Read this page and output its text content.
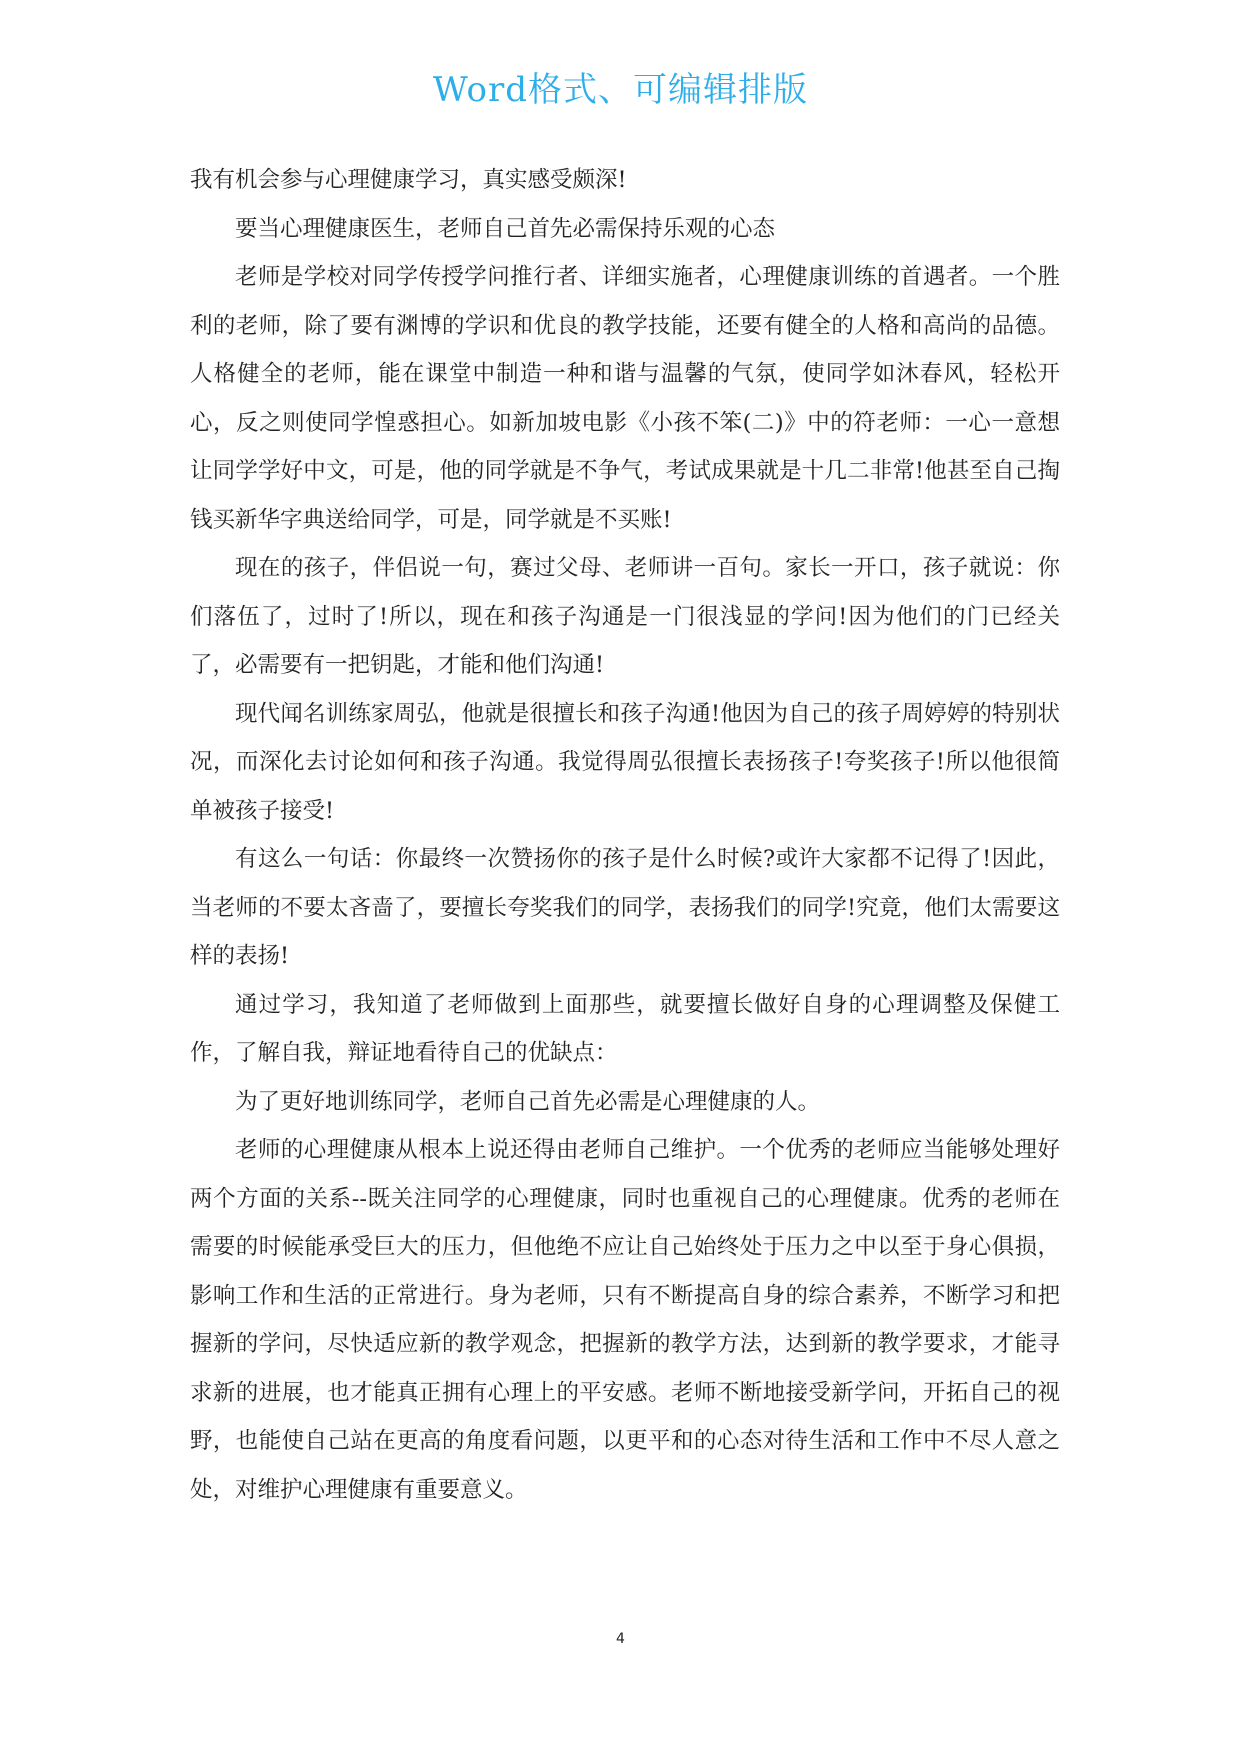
Word格式、可编辑排版

我有机会参与心理健康学习，真实感受颇深!

要当心理健康医生，老师自己首先必需保持乐观的心态

老师是学校对同学传授学问推行者、详细实施者，心理健康训练的首遇者。一个胜利的老师，除了要有渊博的学识和优良的教学技能，还要有健全的人格和高尚的品德。人格健全的老师，能在课堂中制造一种和谐与温馨的气氛，使同学如沐春风，轻松开心，反之则使同学惶惑担心。如新加坡电影《小孩不笨(二)》中的符老师：一心一意想让同学学好中文，可是，他的同学就是不争气，考试成果就是十几二非常!他甚至自己掏钱买新华字典送给同学，可是，同学就是不买账!

现在的孩子，伴侣说一句，赛过父母、老师讲一百句。家长一开口，孩子就说：你们落伍了，过时了!所以，现在和孩子沟通是一门很浅显的学问!因为他们的门已经关了，必需要有一把钥匙，才能和他们沟通!

现代闻名训练家周弘，他就是很擅长和孩子沟通!他因为自己的孩子周婷婷的特别状况，而深化去讨论如何和孩子沟通。我觉得周弘很擅长表扬孩子!夸奖孩子!所以他很简单被孩子接受!

有这么一句话：你最终一次赞扬你的孩子是什么时候?或许大家都不记得了!因此，当老师的不要太吝啬了，要擅长夸奖我们的同学，表扬我们的同学!究竟，他们太需要这样的表扬!

通过学习，我知道了老师做到上面那些，就要擅长做好自身的心理调整及保健工作，了解自我，辩证地看待自己的优缺点：

为了更好地训练同学，老师自己首先必需是心理健康的人。

老师的心理健康从根本上说还得由老师自己维护。一个优秀的老师应当能够处理好两个方面的关系--既关注同学的心理健康，同时也重视自己的心理健康。优秀的老师在需要的时候能承受巨大的压力，但他绝不应让自己始终处于压力之中以至于身心俱损，影响工作和生活的正常进行。身为老师，只有不断提高自身的综合素养，不断学习和把握新的学问，尽快适应新的教学观念，把握新的教学方法，达到新的教学要求，才能寻求新的进展，也才能真正拥有心理上的平安感。老师不断地接受新学问，开拓自己的视野，也能使自己站在更高的角度看问题，以更平和的心态对待生活和工作中不尽人意之处，对维护心理健康有重要意义。

4
